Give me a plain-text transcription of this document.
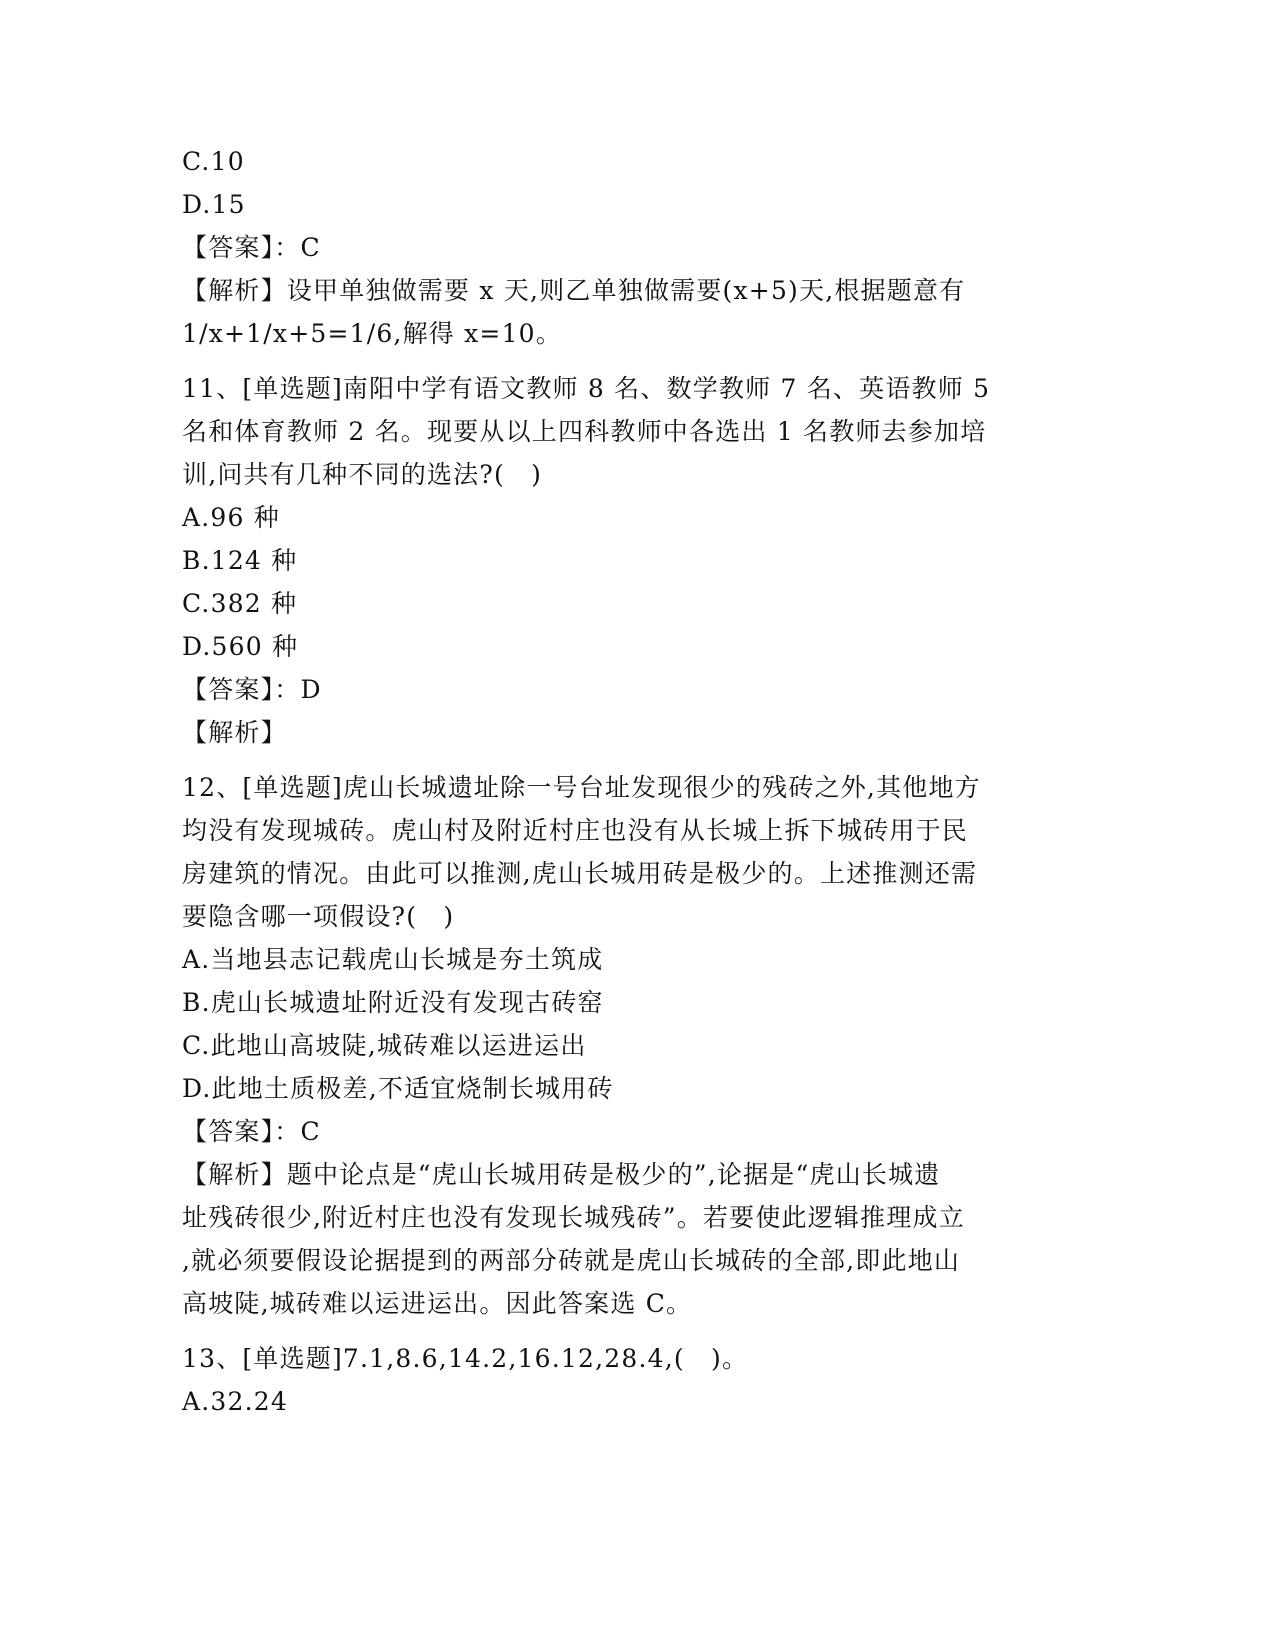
C.10

D.15

【答案】：C

【解析】设甲单独做需要 x 天,则乙单独做需要(x+5)天,根据题意有

1/x+1/x+5=1/6,解得 x=10。

11、[单选题]南阳中学有语文教师 8 名、数学教师 7 名、英语教师 5

名和体育教师 2 名。现要从以上四科教师中各选出 1 名教师去参加培

训,问共有几种不同的选法?(　)

A.96 种

B.124 种

C.382 种

D.560 种

【答案】：D

【解析】

12、[单选题]虎山长城遗址除一号台址发现很少的残砖之外,其他地方

均没有发现城砖。虎山村及附近村庄也没有从长城上拆下城砖用于民

房建筑的情况。由此可以推测,虎山长城用砖是极少的。上述推测还需

要隐含哪一项假设?(　)

A.当地县志记载虎山长城是夯土筑成

B.虎山长城遗址附近没有发现古砖窑

C.此地山高坡陡,城砖难以运进运出

D.此地土质极差,不适宜烧制长城用砖

【答案】：C

【解析】题中论点是“虎山长城用砖是极少的”,论据是“虎山长城遗

址残砖很少,附近村庄也没有发现长城残砖”。若要使此逻辑推理成立

,就必须要假设论据提到的两部分砖就是虎山长城砖的全部,即此地山

高坡陡,城砖难以运进运出。因此答案选 C。

13、[单选题]7.1,8.6,14.2,16.12,28.4,(　)。

A.32.24
